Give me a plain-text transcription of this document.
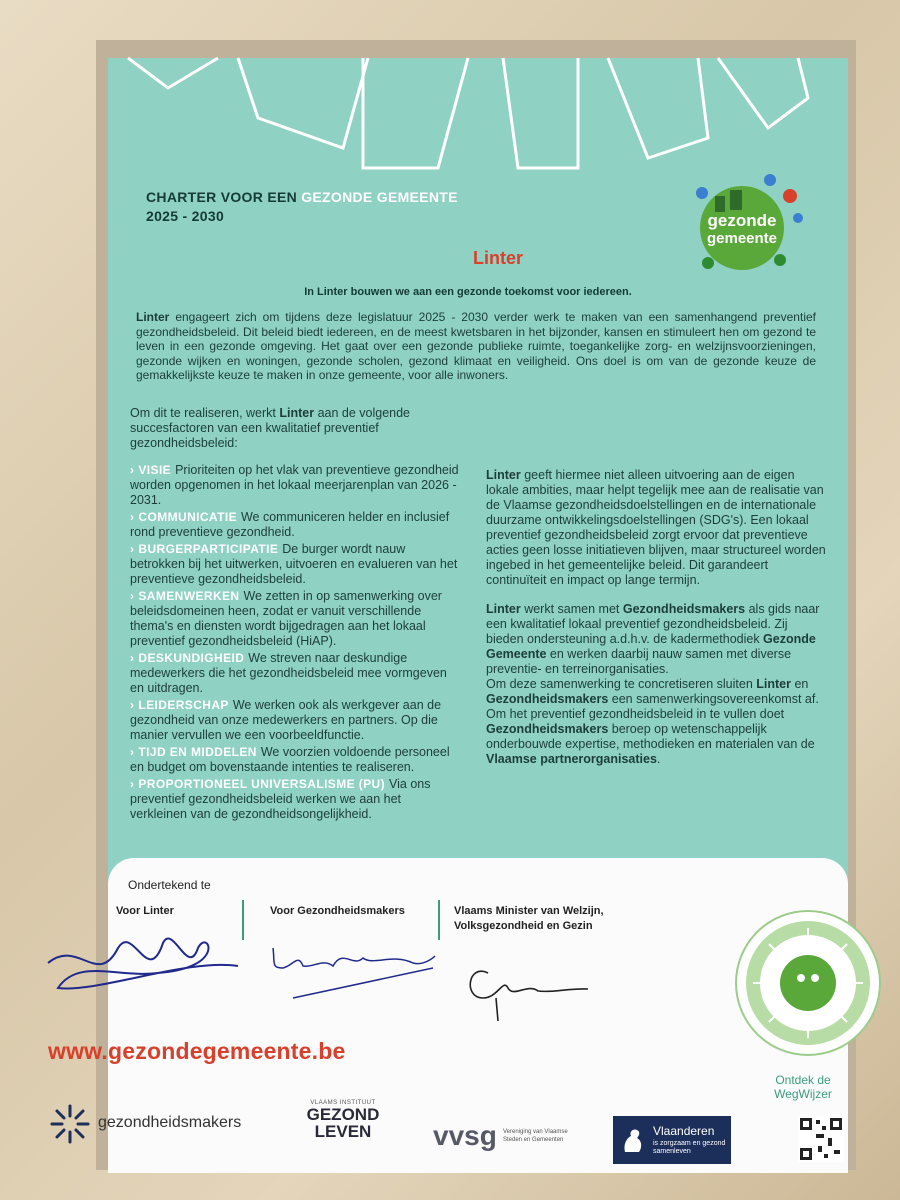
CHARTER VOOR EEN GEZONDE GEMEENTE
2025 - 2030	gezonde
gemeente
Linter
In Linter bouwen we aan een gezonde toekomst voor iedereen.
Linter engageert zich om tijdens deze legislatuur 2025 - 2030 verder werk te maken van een samenhangend preventief gezondheidsbeleid. Dit beleid biedt iedereen, en de meest kwetsbaren in het bijzonder, kansen en stimuleert hen om gezond te leven in een gezonde omgeving. Het gaat over een gezonde publieke ruimte, toegankelijke zorg- en welzijnsvoorzieningen, gezonde wijken en woningen, gezonde scholen, gezond klimaat en veiligheid. Ons doel is om van de gezonde keuze de gemakkelijkste keuze te maken in onze gemeente, voor alle inwoners.
Om dit te realiseren, werkt Linter aan de volgende succesfactoren van een kwalitatief preventief gezondheidsbeleid:
› VISIE Prioriteiten op het vlak van preventieve gezondheid worden opgenomen in het lokaal meerjarenplan van 2026 - 2031.
› COMMUNICATIE We communiceren helder en inclusief rond preventieve gezondheid.
› BURGERPARTICIPATIE De burger wordt nauw betrokken bij het uitwerken, uitvoeren en evalueren van het preventieve gezondheidsbeleid.
› SAMENWERKEN We zetten in op samenwerking over beleidsdomeinen heen, zodat er vanuit verschillende thema's en diensten wordt bijgedragen aan het lokaal preventief gezondheidsbeleid (HiAP).
› DESKUNDIGHEID We streven naar deskundige medewerkers die het gezondheidsbeleid mee vormgeven en uitdragen.
› LEIDERSCHAP We werken ook als werkgever aan de gezondheid van onze medewerkers en partners. Op die manier vervullen we een voorbeeldfunctie.
› TIJD EN MIDDELEN We voorzien voldoende personeel en budget om bovenstaande intenties te realiseren.
› PROPORTIONEEL UNIVERSALISME (PU) Via ons preventief gezondheidsbeleid werken we aan het verkleinen van de gezondheidsongelijkheid.

Linter geeft hiermee niet alleen uitvoering aan de eigen lokale ambities, maar helpt tegelijk mee aan de realisatie van de Vlaamse gezondheidsdoelstellingen en de internationale duurzame ontwikkelingsdoelstellingen (SDG's). Een lokaal preventief gezondheidsbeleid zorgt ervoor dat preventieve acties geen losse initiatieven blijven, maar structureel worden ingebed in het gemeentelijke beleid. Dit garandeert continuïteit en impact op lange termijn.

Linter werkt samen met Gezondheidsmakers als gids naar een kwalitatief lokaal preventief gezondheidsbeleid. Zij bieden ondersteuning a.d.h.v. de kadermethodiek Gezonde Gemeente en werken daarbij nauw samen met diverse preventie- en terreinorganisaties.
Om deze samenwerking te concretiseren sluiten Linter en Gezondheidsmakers een samenwerkingsovereenkomst af. Om het preventief gezondheidsbeleid in te vullen doet Gezondheidsmakers beroep op wetenschappelijk onderbouwde expertise, methodieken en materialen van de Vlaamse partnerorganisaties.

Ondertekend te
Voor Linter	Voor Gezondheidsmakers	Vlaams Minister van Welzijn, Volksgezondheid en Gezin
www.gezondegemeente.be
Ontdek de
WegWijzer
gezondheidsmakers
VLAAMS INSTITUUT
GEZOND
LEVEN	vvsg Vereniging van Vlaamse Steden en Gemeenten
Vlaanderen
is zorgzaam en gezond samenleven
